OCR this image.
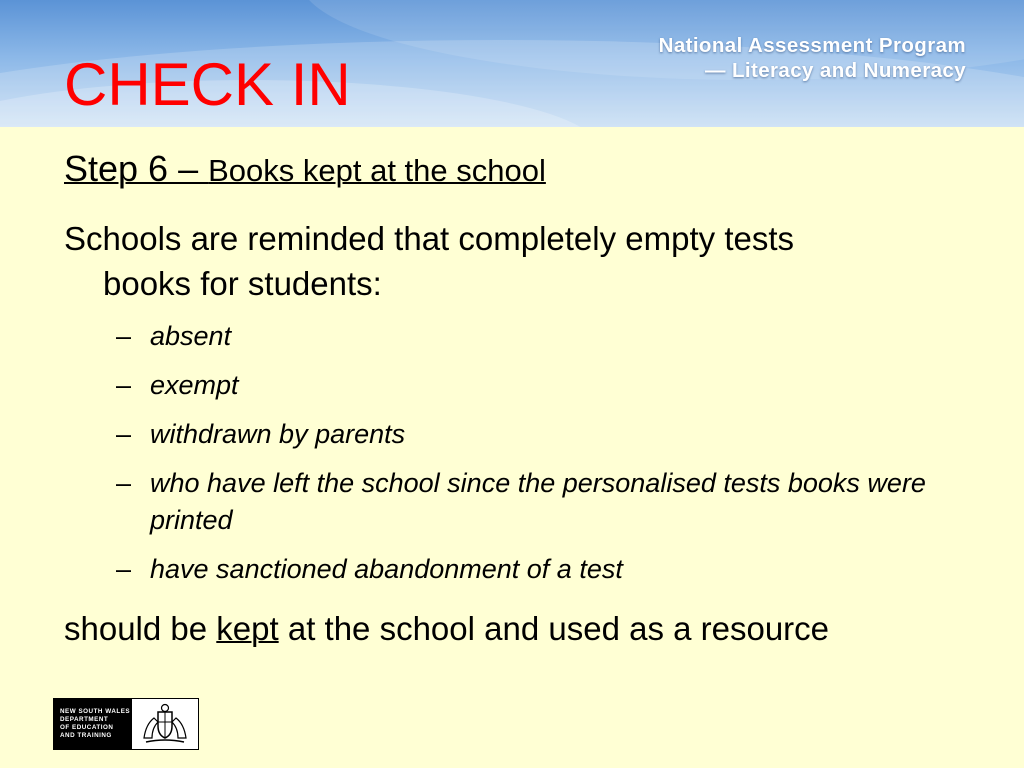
National Assessment Program
— Literacy and Numeracy
CHECK IN
Step 6 – Books kept at the school

Schools are reminded that completely empty tests
books for students:

– absent
– exempt
– withdrawn by parents
– who have left the school since the personalised tests books were printed
– have sanctioned abandonment of a test

should be kept at the school and used as a resource

NEW SOUTH WALES
DEPARTMENT
OF EDUCATION
AND TRAINING
